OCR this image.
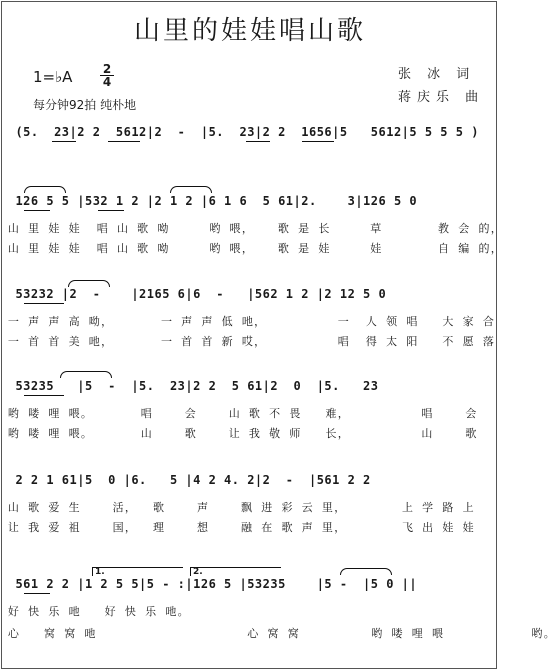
山里的娃娃唱山歌
1=♭A $\frac{2}{4}$
每分钟92拍 纯朴地
张 冰 词
蒋庆乐 曲
(5.  23|2 2  5612|2  -  |5.  23|2 2  1656|5   5612|5 5 5 5 )
126 5 5 |532 1 2 |2 1 2 |6 1 6  5 61|2.    3|126 5 0
山 里 娃 娃  唱 山 歌 呦     哟 喂，   歌 是 长     草       教 会 的，
山 里 娃 娃  唱 山 歌 呦     哟 喂，   歌 是 娃     娃       自 编 的，
53232 |2  -    |2165 6|6  -   |562 1 2 |2 12 5 0
一 声 声 高 呦，      一 声 声 低 吔，         一  人 领 唱   大 家 合
一 首 首 美 吔，      一 首 首 新 哎，         唱  得 太 阳   不 愿 落
53235   |5  -  |5.  23|2 2  5 61|2  0  |5.   23
哟 喽 哩 喂。      唱    会    山 歌 不 畏   难，         唱    会
哟 喽 哩 喂。      山    歌    让 我 敬 师   长，         山    歌
2 2 1 61|5  0 |6.   5 |4 2 4. 2|2  -  |561 2 2
山 歌 爱 生    活，  歌    声    飘 进 彩 云 里，       上 学 路 上
让 我 爱 祖    国，  理    想    融 在 歌 声 里，       飞 出 娃 娃
1.	2.
561 2 2 |1 2 5 5|5 - :|126 5 |53235    |5 -  |5 0 ||
好 快 乐 吔   好 快 乐 吔。
心   窝 窝 吔                   心 窝 窝         哟 喽 哩 喂           哟。
